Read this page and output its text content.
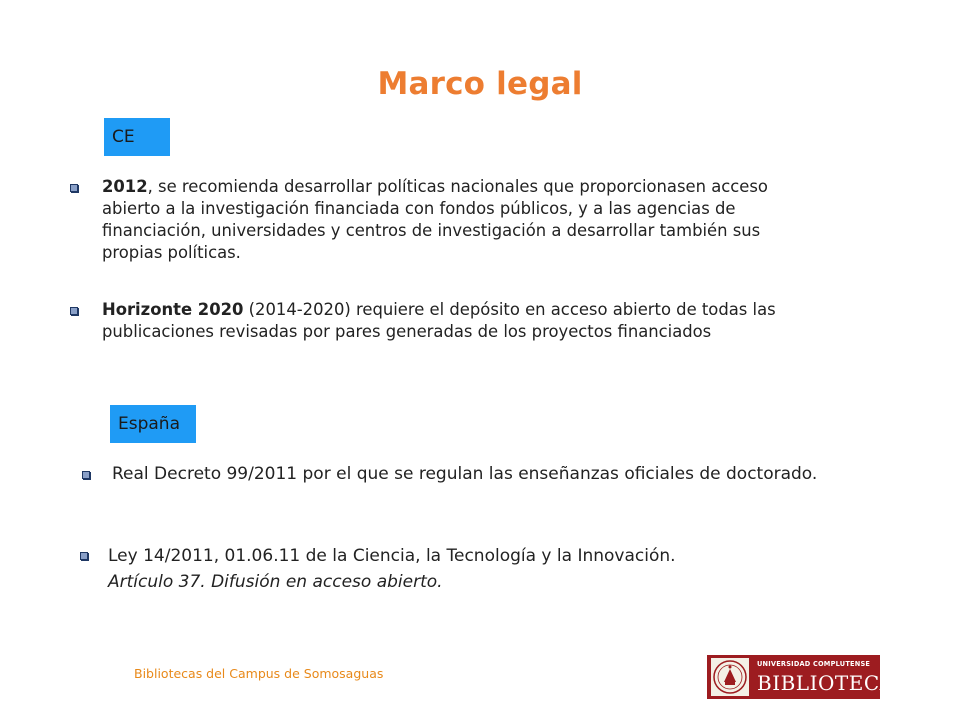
Marco legal
CE
2012, se recomienda desarrollar políticas nacionales que proporcionasen acceso abierto a la investigación financiada con fondos públicos, y a las agencias de financiación, universidades y centros de investigación a desarrollar también sus propias políticas.
Horizonte 2020 (2014-2020) requiere el depósito en acceso abierto de todas las publicaciones revisadas por pares generadas de los proyectos financiados
España
Real Decreto 99/2011 por el que se regulan las enseñanzas oficiales de doctorado.
Ley 14/2011, 01.06.11 de la Ciencia, la Tecnología y la Innovación.
Artículo 37. Difusión en acceso abierto.
Bibliotecas del Campus de Somosaguas
UNIVERSIDAD COMPLUTENSE
BIBLIOTECA
